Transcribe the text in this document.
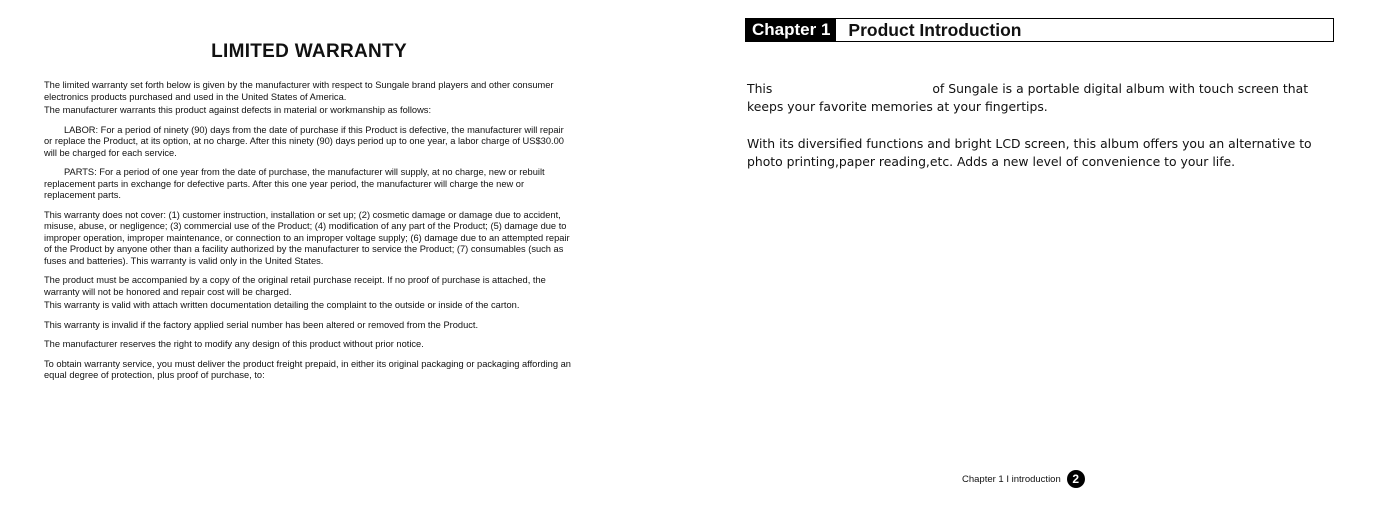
LIMITED WARRANTY

The limited warranty set forth below is given by the manufacturer with respect to Sungale brand players and other consumer electronics products purchased and used in the United States of America.

The manufacturer warrants this product against defects in material or workmanship as follows:

LABOR: For a period of ninety (90) days from the date of purchase if this Product is defective, the manufacturer will repair or replace the Product, at its option, at no charge. After this ninety (90) days period up to one year, a labor charge of US$30.00 will be charged for each service.

PARTS: For a period of one year from the date of purchase, the manufacturer will supply, at no charge, new or rebuilt replacement parts in exchange for defective parts. After this one year period, the manufacturer will charge the new or replacement parts.

This warranty does not cover: (1) customer instruction, installation or set up; (2) cosmetic damage or damage due to accident, misuse, abuse, or negligence; (3) commercial use of the Product; (4) modification of any part of the Product; (5) damage due to improper operation, improper maintenance, or connection to an improper voltage supply; (6) damage due to an attempted repair of the Product by anyone other than a facility authorized by the manufacturer to service the Product; (7) consumables (such as fuses and batteries). This warranty is valid only in the United States.

The product must be accompanied by a copy of the original retail purchase receipt. If no proof of purchase is attached, the warranty will not be honored and repair cost will be charged.

This warranty is valid with attach written documentation detailing the complaint to the outside or inside of the carton.

This warranty is invalid if the factory applied serial number has been altered or removed from the Product.

The manufacturer reserves the right to modify any design of this product without prior notice.

To obtain warranty service, you must deliver the product freight prepaid, in either its original packaging or packaging affording an equal degree of protection, plus proof of purchase, to:

Chapter 1	Product Introduction

This	of Sungale is a portable digital album with touch screen that keeps your favorite memories at your fingertips.

With its diversified functions and bright LCD screen, this album offers you an alternative to photo printing,paper reading,etc. Adds a new level of convenience to your life.

Chapter 1 I introduction 2
